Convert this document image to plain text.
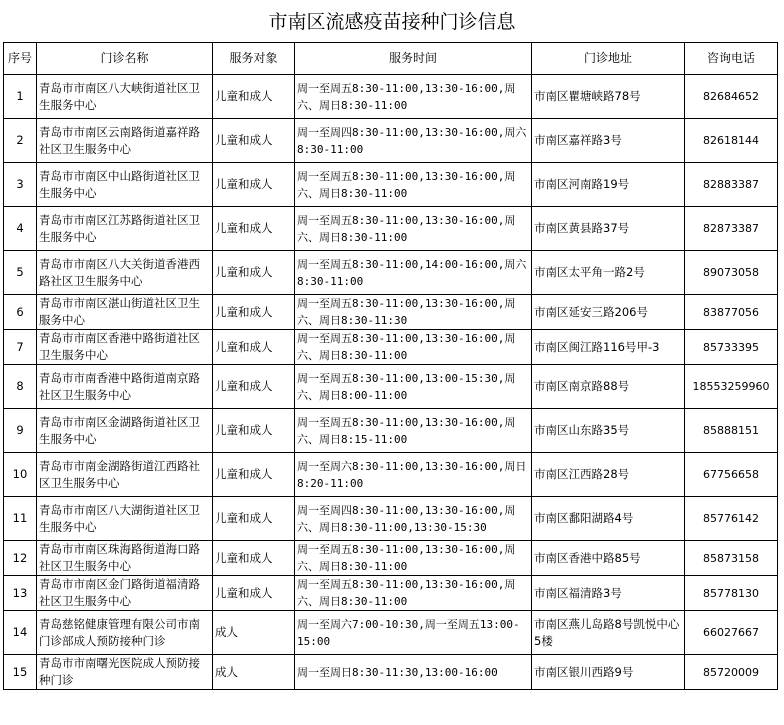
市南区流感疫苗接种门诊信息
序号	门诊名称	服务对象	服务时间	门诊地址	咨询电话
1	青岛市市南区八大峡街道社区卫生服务中心	儿童和成人	周一至周五8:30-11:00,13:30-16:00,周六、周日8:30-11:00	市南区瞿塘峡路78号	82684652
2	青岛市市南区云南路街道嘉祥路社区卫生服务中心	儿童和成人	周一至周四8:30-11:00,13:30-16:00,周六8:30-11:00	市南区嘉祥路3号	82618144
3	青岛市市南区中山路街道社区卫生服务中心	儿童和成人	周一至周五8:30-11:00,13:30-16:00,周六、周日8:30-11:00	市南区河南路19号	82883387
4	青岛市市南区江苏路街道社区卫生服务中心	儿童和成人	周一至周五8:30-11:00,13:30-16:00,周六、周日8:30-11:00	市南区黄县路37号	82873387
5	青岛市市南区八大关街道香港西路社区卫生服务中心	儿童和成人	周一至周五8:30-11:00,14:00-16:00,周六8:30-11:00	市南区太平角一路2号	89073058
6	青岛市市南区湛山街道社区卫生服务中心	儿童和成人	周一至周五8:30-11:00,13:30-16:00,周六、周日8:30-11:30	市南区延安三路206号	83877056
7	青岛市市南区香港中路街道社区卫生服务中心	儿童和成人	周一至周五8:30-11:00,13:30-16:00,周六、周日8:30-11:00	市南区闽江路116号甲-3	85733395
8	青岛市市南香港中路街道南京路社区卫生服务中心	儿童和成人	周一至周五8:30-11:00,13:00-15:30,周六、周日8:00-11:00	市南区南京路88号	18553259960
9	青岛市市南区金湖路街道社区卫生服务中心	儿童和成人	周一至周五8:30-11:00,13:30-16:00,周六、周日8:15-11:00	市南区山东路35号	85888151
10	青岛市市南金湖路街道江西路社区卫生服务中心	儿童和成人	周一至周六8:30-11:00,13:30-16:00,周日8:20-11:00	市南区江西路28号	67756658
11	青岛市市南区八大湖街道社区卫生服务中心	儿童和成人	周一至周四8:30-11:00,13:30-16:00,周六、周日8:30-11:00,13:30-15:30	市南区鄱阳湖路4号	85776142
12	青岛市市南区珠海路街道海口路社区卫生服务中心	儿童和成人	周一至周五8:30-11:00,13:30-16:00,周六、周日8:30-11:00	市南区香港中路85号	85873158
13	青岛市市南区金门路街道福清路社区卫生服务中心	儿童和成人	周一至周五8:30-11:00,13:30-16:00,周六、周日8:30-11:00	市南区福清路3号	85778130
14	青岛慈铭健康管理有限公司市南门诊部成人预防接种门诊	成人	周一至周六7:00-10:30,周一至周五13:00-15:00	市南区燕儿岛路8号凯悦中心5楼	66027667
15	青岛市市南曙光医院成人预防接种门诊	成人	周一至周日8:30-11:30,13:00-16:00	市南区银川西路9号	85720009
